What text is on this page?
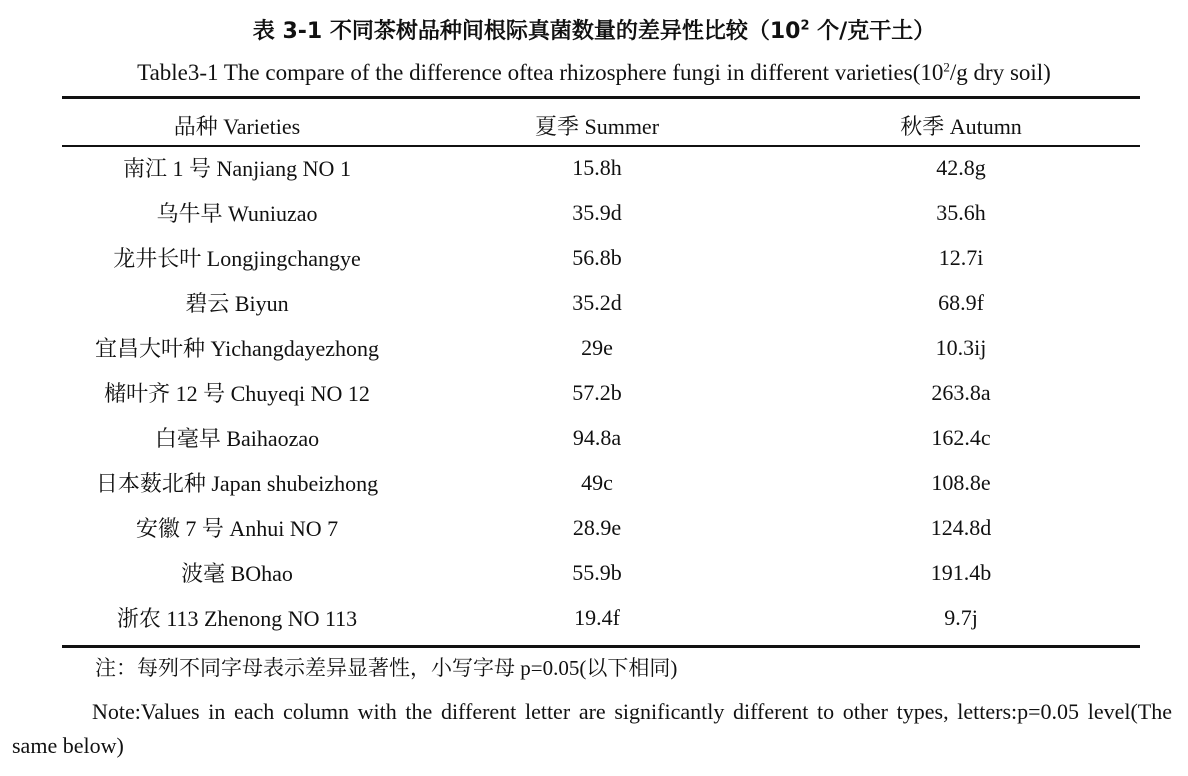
表 3-1 不同茶树品种间根际真菌数量的差异性比较（$10^2$ 个/克干土）
Table3-1 The compare of the difference oftea rhizosphere fungi in different $varieties(10^2/g$ dry soil)
品种 Varieties	夏季 Summer	秋季 Autumn
南江 1 号 Nanjiang NO 1	15.8h	42.8g
乌牛早 Wuniuzao	35.9d	35.6h
龙井长叶 Longjingchangye	56.8b	12.7i
碧云 Biyun	35.2d	68.9f
宜昌大叶种 Yichangdayezhong	29e	10.3ij
槠叶齐 12 号 Chuyeqi NO 12	57.2b	263.8a
白毫早 Baihaozao	94.8a	162.4c
日本薮北种 Japan shubeizhong	49c	108.8e
安徽 7 号 Anhui NO 7	28.9e	124.8d
波毫 BOhao	55.9b	191.4b
浙农 113 Zhenong NO 113	19.4f	9.7j
注：每列不同字母表示差异显著性，小写字母 p=0.05(以下相同)
Note:Values in each column with the different letter are significantly different to other types, letters:p=0.05 level(The same below)
